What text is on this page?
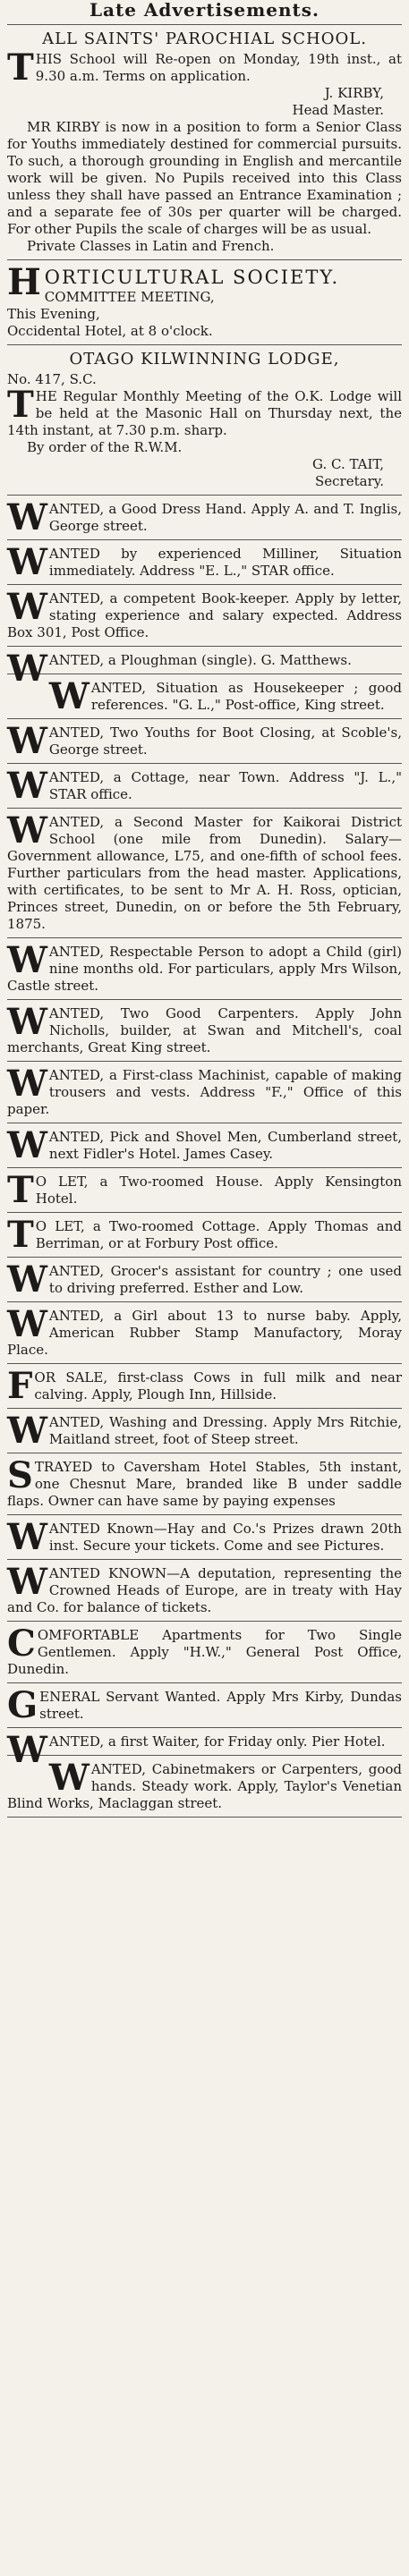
Late Advertisements.
ALL SAINTS' PAROCHIAL SCHOOL.

THIS School will Re-open on Monday, 19th inst., at 9.30 a.m. Terms on application.

J. KIRBY,

Head Master.

MR KIRBY is now in a position to form a Senior Class for Youths immediately destined for commercial pursuits. To such, a thorough grounding in English and mercantile work will be given. No Pupils received into this Class unless they shall have passed an Entrance Examination ; and a separate fee of 30s per quarter will be charged. For other Pupils the scale of charges will be as usual.

Private Classes in Latin and French.

HORTICULTURAL SOCIETY.

COMMITTEE MEETING,

This Evening,

Occidental Hotel, at 8 o'clock.

OTAGO KILWINNING LODGE,

No. 417, S.C.

THE Regular Monthly Meeting of the O.K. Lodge will be held at the Masonic Hall on Thursday next, the 14th instant, at 7.30 p.m. sharp.

By order of the R.W.M.

G. C. TAIT,

Secretary.

WANTED, a Good Dress Hand. Apply A. and T. Inglis, George street.

WANTED by experienced Milliner, Situation immediately. Address "E. L.," STAR office.

WANTED, a competent Book-keeper. Apply by letter, stating experience and salary expected. Address Box 301, Post Office.

WANTED, a Ploughman (single). G. Matthews.

WANTED, Situation as Housekeeper ; good references. "G. L.," Post-office, King street.

WANTED, Two Youths for Boot Closing, at Scoble's, George street.

WANTED, a Cottage, near Town. Address "J. L.," STAR office.

WANTED, a Second Master for Kaikorai District School (one mile from Dunedin). Salary—Government allowance, L75, and one-fifth of school fees. Further particulars from the head master. Applications, with certificates, to be sent to Mr A. H. Ross, optician, Princes street, Dunedin, on or before the 5th February, 1875.

WANTED, Respectable Person to adopt a Child (girl) nine months old. For particulars, apply Mrs Wilson, Castle street.

WANTED, Two Good Carpenters. Apply John Nicholls, builder, at Swan and Mitchell's, coal merchants, Great King street.

WANTED, a First-class Machinist, capable of making trousers and vests. Address "F.," Office of this paper.

WANTED, Pick and Shovel Men, Cumberland street, next Fidler's Hotel. James Casey.

T O LET, a Two-roomed House. Apply Kensington Hotel.

T O LET, a Two-roomed Cottage. Apply Thomas and Berriman, or at Forbury Post office.

WANTED, Grocer's assistant for country ; one used to driving preferred. Esther and Low.

WANTED, a Girl about 13 to nurse baby. Apply, American Rubber Stamp Manufactory, Moray Place.

FOR SALE, first-class Cows in full milk and near calving. Apply, Plough Inn, Hillside.

WANTED, Washing and Dressing. Apply Mrs Ritchie, Maitland street, foot of Steep street.

STRAYED to Caversham Hotel Stables, 5th instant, one Chesnut Mare, branded like B under saddle flaps. Owner can have same by paying expenses

WANTED Known—Hay and Co.'s Prizes drawn 20th inst. Secure your tickets. Come and see Pictures.

WANTED KNOWN—A deputation, representing the Crowned Heads of Europe, are in treaty with Hay and Co. for balance of tickets.

COMFORTABLE Apartments for Two Single Gentlemen. Apply "H.W.," General Post Office, Dunedin.

GENERAL Servant Wanted. Apply Mrs Kirby, Dundas street.

WANTED, a first Waiter, for Friday only. Pier Hotel.

WANTED, Cabinetmakers or Carpenters, good hands. Steady work. Apply, Taylor's Venetian Blind Works, Maclaggan street.
